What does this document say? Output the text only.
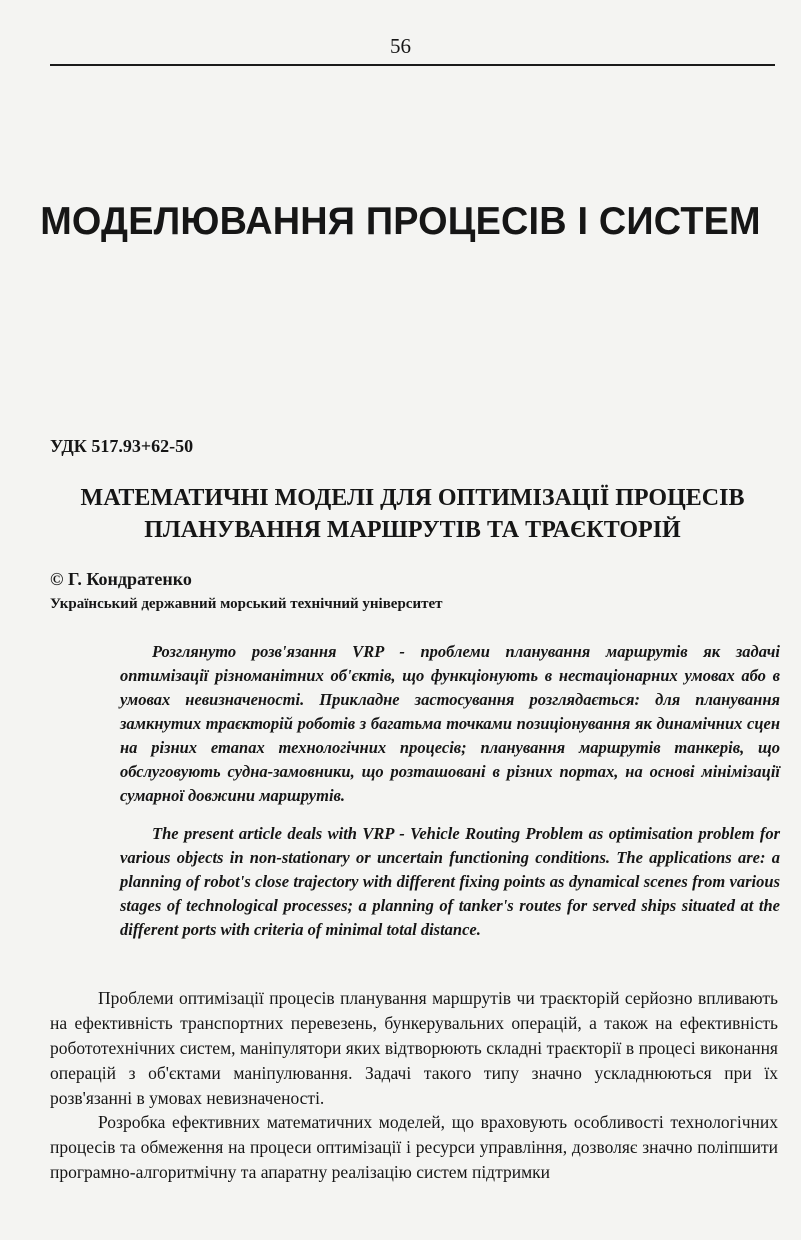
56
МОДЕЛЮВАННЯ ПРОЦЕСІВ І СИСТЕМ
УДК 517.93+62-50
МАТЕМАТИЧНІ МОДЕЛІ ДЛЯ ОПТИМІЗАЦІЇ ПРОЦЕСІВ ПЛАНУВАННЯ МАРШРУТІВ ТА ТРАЄКТОРІЙ
© Г. Кондратенко
Український державний морський технічний університет

Розглянуто розв'язання VRP - проблеми планування маршрутів як задачі оптимізації різноманітних об'єктів, що функціонують в нестаціонарних умовах або в умовах невизначеності. Прикладне застосування розглядається: для планування замкнутих траєкторій роботів з багатьма точками позиціонування як динамічних сцен на різних етапах технологічних процесів; планування маршрутів танкерів, що обслуговують судна-замовники, що розташовані в різних портах, на основі мінімізації сумарної довжини маршрутів.

The present article deals with VRP - Vehicle Routing Problem as optimisation problem for various objects in non-stationary or uncertain functioning conditions. The applications are: a planning of robot's close trajectory with different fixing points as dynamical scenes from various stages of technological processes; a planning of tanker's routes for served ships situated at the different ports with criteria of minimal total distance.

Проблеми оптимізації процесів планування маршрутів чи траєкторій серйозно впливають на ефективність транспортних перевезень, бункерувальних операцій, а також на ефективність робототехнічних систем, маніпулятори яких відтворюють складні траєкторії в процесі виконання операцій з об'єктами маніпулювання. Задачі такого типу значно ускладнюються при їх розв'язанні в умовах невизначеності.

Розробка ефективних математичних моделей, що враховують особливості технологічних процесів та обмеження на процеси оптимізації і ресурси управління, дозволяє значно поліпшити програмно-алгоритмічну та апаратну реалізацію систем підтримки
